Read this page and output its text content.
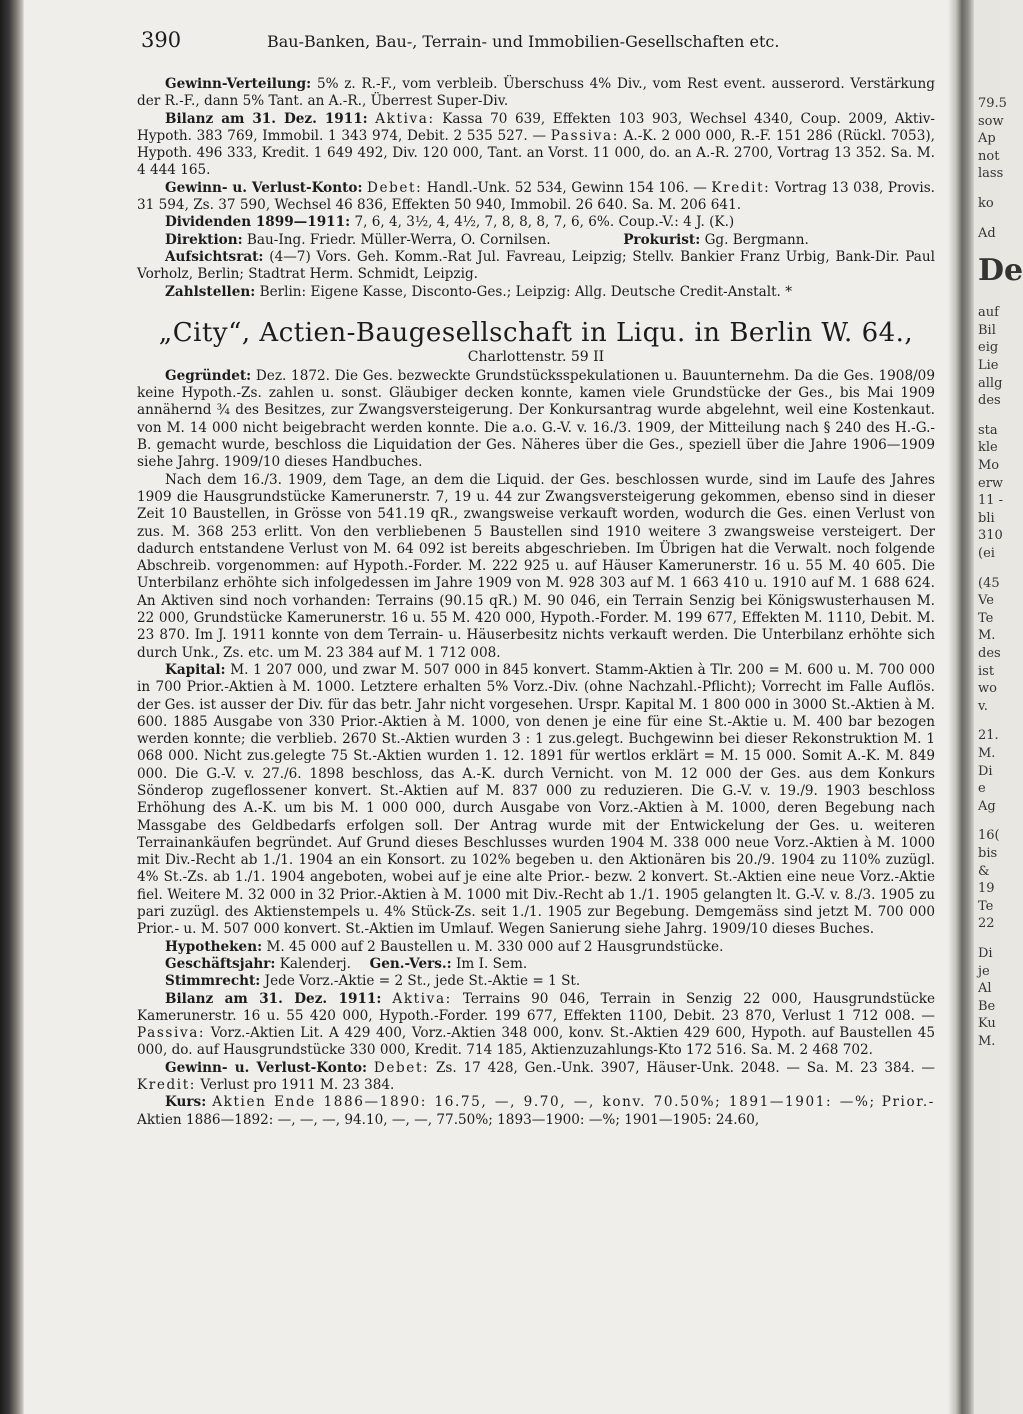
79.5
sow
Ap
not
lass
ko
Ad
De
auf
Bil
eig
Lie
allg
des
sta
kle
Mo
erw
11 -
bli
310
(ei
(45
Ve
Te
M.
des
ist
wo
v.
21.
M.
Di
e
Ag
16(
bis
&
19
Te
22
Di
je
Al
Be
Ku
M.
390	Bau-Banken, Bau-, Terrain- und Immobilien-Gesellschaften etc.

Gewinn-Verteilung: 5% z. R.-F., vom verbleib. Überschuss 4% Div., vom Rest event. ausserord. Verstärkung der R.-F., dann 5% Tant. an A.-R., Überrest Super-Div.

Bilanz am 31. Dez. 1911: Aktiva: Kassa 70 639, Effekten 103 903, Wechsel 4340, Coup. 2009, Aktiv-Hypoth. 383 769, Immobil. 1 343 974, Debit. 2 535 527. — Passiva: A.-K. 2 000 000, R.-F. 151 286 (Rückl. 7053), Hypoth. 496 333, Kredit. 1 649 492, Div. 120 000, Tant. an Vorst. 11 000, do. an A.-R. 2700, Vortrag 13 352. Sa. M. 4 444 165.

Gewinn- u. Verlust-Konto: Debet: Handl.-Unk. 52 534, Gewinn 154 106. — Kredit: Vortrag 13 038, Provis. 31 594, Zs. 37 590, Wechsel 46 836, Effekten 50 940, Immobil. 26 640. Sa. M. 206 641.

Dividenden 1899—1911: 7, 6, 4, 3½, 4, 4½, 7, 8, 8, 8, 7, 6, 6%. Coup.-V.: 4 J. (K.)

Direktion: Bau-Ing. Friedr. Müller-Werra, O. Cornilsen.	Prokurist: Gg. Bergmann.

Aufsichtsrat: (4—7) Vors. Geh. Komm.-Rat Jul. Favreau, Leipzig; Stellv. Bankier Franz Urbig, Bank-Dir. Paul Vorholz, Berlin; Stadtrat Herm. Schmidt, Leipzig.

Zahlstellen: Berlin: Eigene Kasse, Disconto-Ges.; Leipzig: Allg. Deutsche Credit-Anstalt. *

„City“, Actien-Baugesellschaft in Liqu. in Berlin W. 64.,

Charlottenstr. 59 II

Gegründet: Dez. 1872. Die Ges. bezweckte Grundstücksspekulationen u. Bauunternehm. Da die Ges. 1908/09 keine Hypoth.-Zs. zahlen u. sonst. Gläubiger decken konnte, kamen viele Grundstücke der Ges., bis Mai 1909 annähernd ¾ des Besitzes, zur Zwangsversteigerung. Der Konkursantrag wurde abgelehnt, weil eine Kostenkaut. von M. 14 000 nicht beigebracht werden konnte. Die a.o. G.-V. v. 16./3. 1909, der Mitteilung nach § 240 des H.-G.-B. gemacht wurde, beschloss die Liquidation der Ges. Näheres über die Ges., speziell über die Jahre 1906—1909 siehe Jahrg. 1909/10 dieses Handbuches.

Nach dem 16./3. 1909, dem Tage, an dem die Liquid. der Ges. beschlossen wurde, sind im Laufe des Jahres 1909 die Hausgrundstücke Kamerunerstr. 7, 19 u. 44 zur Zwangsversteigerung gekommen, ebenso sind in dieser Zeit 10 Baustellen, in Grösse von 541.19 qR., zwangsweise verkauft worden, wodurch die Ges. einen Verlust von zus. M. 368 253 erlitt. Von den verbliebenen 5 Baustellen sind 1910 weitere 3 zwangsweise versteigert. Der dadurch entstandene Verlust von M. 64 092 ist bereits abgeschrieben. Im Übrigen hat die Verwalt. noch folgende Abschreib. vorgenommen: auf Hypoth.-Forder. M. 222 925 u. auf Häuser Kamerunerstr. 16 u. 55 M. 40 605. Die Unterbilanz erhöhte sich infolgedessen im Jahre 1909 von M. 928 303 auf M. 1 663 410 u. 1910 auf M. 1 688 624. An Aktiven sind noch vorhanden: Terrains (90.15 qR.) M. 90 046, ein Terrain Senzig bei Königswusterhausen M. 22 000, Grundstücke Kamerunerstr. 16 u. 55 M. 420 000, Hypoth.-Forder. M. 199 677, Effekten M. 1110, Debit. M. 23 870. Im J. 1911 konnte von dem Terrain- u. Häuserbesitz nichts verkauft werden. Die Unterbilanz erhöhte sich durch Unk., Zs. etc. um M. 23 384 auf M. 1 712 008.

Kapital: M. 1 207 000, und zwar M. 507 000 in 845 konvert. Stamm-Aktien à Tlr. 200 = M. 600 u. M. 700 000 in 700 Prior.-Aktien à M. 1000. Letztere erhalten 5% Vorz.-Div. (ohne Nachzahl.-Pflicht); Vorrecht im Falle Auflös. der Ges. ist ausser der Div. für das betr. Jahr nicht vorgesehen. Urspr. Kapital M. 1 800 000 in 3000 St.-Aktien à M. 600. 1885 Ausgabe von 330 Prior.-Aktien à M. 1000, von denen je eine für eine St.-Aktie u. M. 400 bar bezogen werden konnte; die verblieb. 2670 St.-Aktien wurden 3 : 1 zus.gelegt. Buchgewinn bei dieser Rekonstruktion M. 1 068 000. Nicht zus.gelegte 75 St.-Aktien wurden 1. 12. 1891 für wertlos erklärt = M. 15 000. Somit A.-K. M. 849 000. Die G.-V. v. 27./6. 1898 beschloss, das A.-K. durch Vernicht. von M. 12 000 der Ges. aus dem Konkurs Sönderop zugeflossener konvert. St.-Aktien auf M. 837 000 zu reduzieren. Die G.-V. v. 19./9. 1903 beschloss Erhöhung des A.-K. um bis M. 1 000 000, durch Ausgabe von Vorz.-Aktien à M. 1000, deren Begebung nach Massgabe des Geldbedarfs erfolgen soll. Der Antrag wurde mit der Entwickelung der Ges. u. weiteren Terrainankäufen begründet. Auf Grund dieses Beschlusses wurden 1904 M. 338 000 neue Vorz.-Aktien à M. 1000 mit Div.-Recht ab 1./1. 1904 an ein Konsort. zu 102% begeben u. den Aktionären bis 20./9. 1904 zu 110% zuzügl. 4% St.-Zs. ab 1./1. 1904 angeboten, wobei auf je eine alte Prior.- bezw. 2 konvert. St.-Aktien eine neue Vorz.-Aktie fiel. Weitere M. 32 000 in 32 Prior.-Aktien à M. 1000 mit Div.-Recht ab 1./1. 1905 gelangten lt. G.-V. v. 8./3. 1905 zu pari zuzügl. des Aktienstempels u. 4% Stück-Zs. seit 1./1. 1905 zur Begebung. Demgemäss sind jetzt M. 700 000 Prior.- u. M. 507 000 konvert. St.-Aktien im Umlauf. Wegen Sanierung siehe Jahrg. 1909/10 dieses Buches.

Hypotheken: M. 45 000 auf 2 Baustellen u. M. 330 000 auf 2 Hausgrundstücke.

Geschäftsjahr: Kalenderj. Gen.-Vers.: Im I. Sem.

Stimmrecht: Jede Vorz.-Aktie = 2 St., jede St.-Aktie = 1 St.

Bilanz am 31. Dez. 1911: Aktiva: Terrains 90 046, Terrain in Senzig 22 000, Hausgrundstücke Kamerunerstr. 16 u. 55 420 000, Hypoth.-Forder. 199 677, Effekten 1100, Debit. 23 870, Verlust 1 712 008. — Passiva: Vorz.-Aktien Lit. A 429 400, Vorz.-Aktien 348 000, konv. St.-Aktien 429 600, Hypoth. auf Baustellen 45 000, do. auf Hausgrundstücke 330 000, Kredit. 714 185, Aktienzuzahlungs-Kto 172 516. Sa. M. 2 468 702.

Gewinn- u. Verlust-Konto: Debet: Zs. 17 428, Gen.-Unk. 3907, Häuser-Unk. 2048. — Sa. M. 23 384. — Kredit: Verlust pro 1911 M. 23 384.

Kurs: Aktien Ende 1886—1890: 16.75, —, 9.70, —, konv. 70.50%; 1891—1901: —%; Prior.- Aktien 1886—1892: —, —, —, 94.10, —, —, 77.50%; 1893—1900: —%; 1901—1905: 24.60,
